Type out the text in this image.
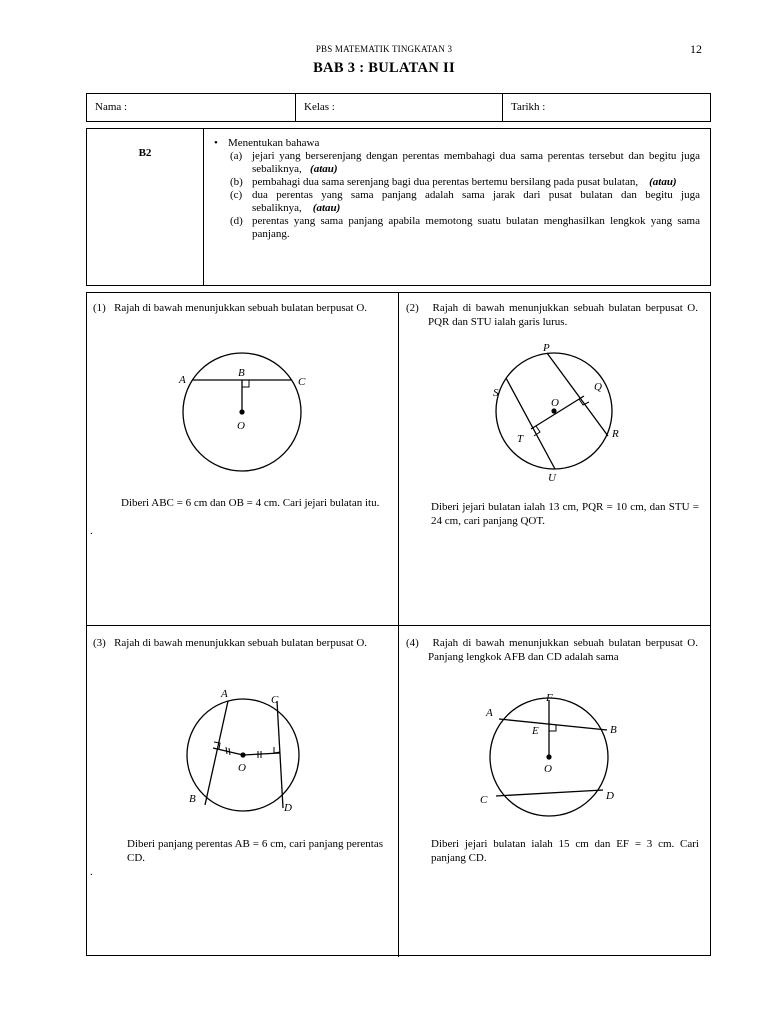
PBS MATEMATIK TINGKATAN 3	12
BAB 3 : BULATAN II
Nama :	Kelas :	Tarikh :
B2
• Menentukan bahawa
(a) jejari yang berserenjang dengan perentas membahagi dua sama perentas tersebut dan begitu juga sebaliknya, (atau)
(b) pembahagi dua sama serenjang bagi dua perentas bertemu bersilang pada pusat bulatan, (atau)
(c) dua perentas yang sama panjang adalah sama jarak dari pusat bulatan dan begitu juga sebaliknya, (atau)
(d) perentas yang sama panjang apabila memotong suatu bulatan menghasilkan lengkok yang sama panjang.
(1) Rajah di bawah menunjukkan sebuah bulatan berpusat O.
A
B
C
O
Diberi ABC = 6 cm dan OB = 4 cm. Cari jejari bulatan itu.
.
(2) Rajah di bawah menunjukkan sebuah bulatan berpusat O. PQR dan STU ialah garis lurus.
P
Q
R
S
T
U
O
Diberi jejari bulatan ialah 13 cm, PQR = 10 cm, dan STU = 24 cm, cari panjang QOT.
(3) Rajah di bawah menunjukkan sebuah bulatan berpusat O.
A	C
B
D
O
Diberi panjang perentas AB = 6 cm, cari panjang perentas CD.
.
(4) Rajah di bawah menunjukkan sebuah bulatan berpusat O. Panjang lengkok AFB dan CD adalah sama
A
F
B
E
O
C	D
Diberi jejari bulatan ialah 15 cm dan EF = 3 cm. Cari panjang CD.
